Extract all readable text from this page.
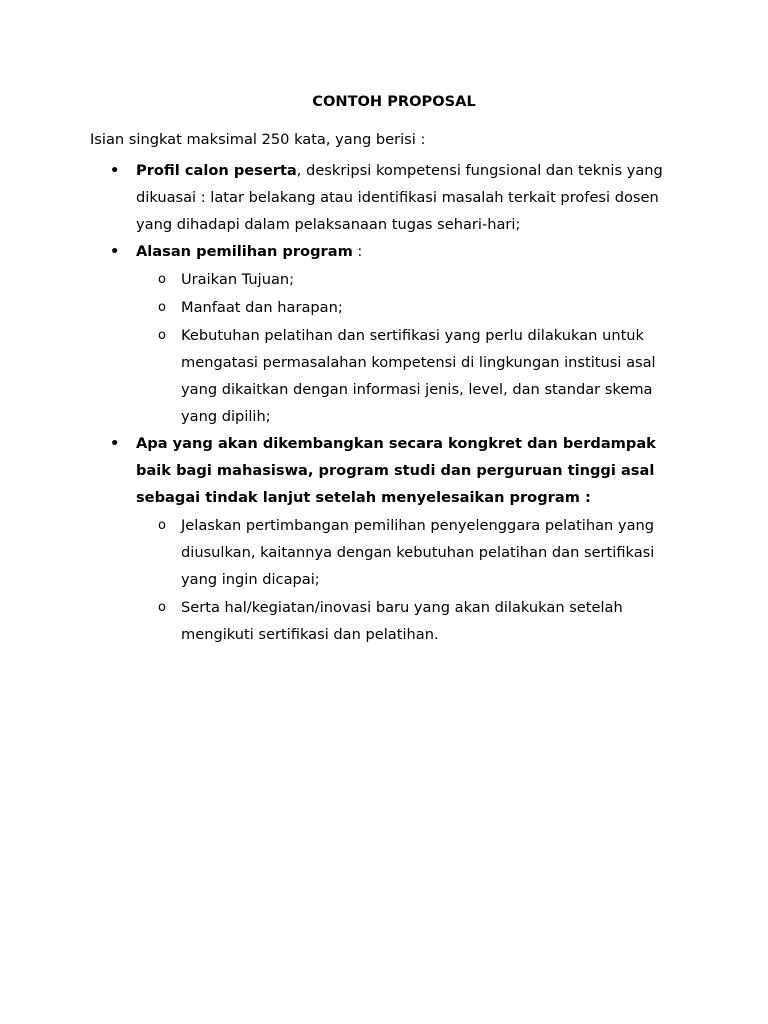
CONTOH PROPOSAL

Isian singkat maksimal 250 kata, yang berisi :

• Profil calon peserta, deskripsi kompetensi fungsional dan teknis yang dikuasai : latar belakang atau identifikasi masalah terkait profesi dosen yang dihadapi dalam pelaksanaan tugas sehari-hari;
• Alasan pemilihan program :
o Uraikan Tujuan;
o Manfaat dan harapan;
o Kebutuhan pelatihan dan sertifikasi yang perlu dilakukan untuk mengatasi permasalahan kompetensi di lingkungan institusi asal yang dikaitkan dengan informasi jenis, level, dan standar skema yang dipilih;
• Apa yang akan dikembangkan secara kongkret dan berdampak baik bagi mahasiswa, program studi dan perguruan tinggi asal sebagai tindak lanjut setelah menyelesaikan program :
o Jelaskan pertimbangan pemilihan penyelenggara pelatihan yang diusulkan, kaitannya dengan kebutuhan pelatihan dan sertifikasi yang ingin dicapai;
o Serta hal/kegiatan/inovasi baru yang akan dilakukan setelah mengikuti sertifikasi dan pelatihan.
